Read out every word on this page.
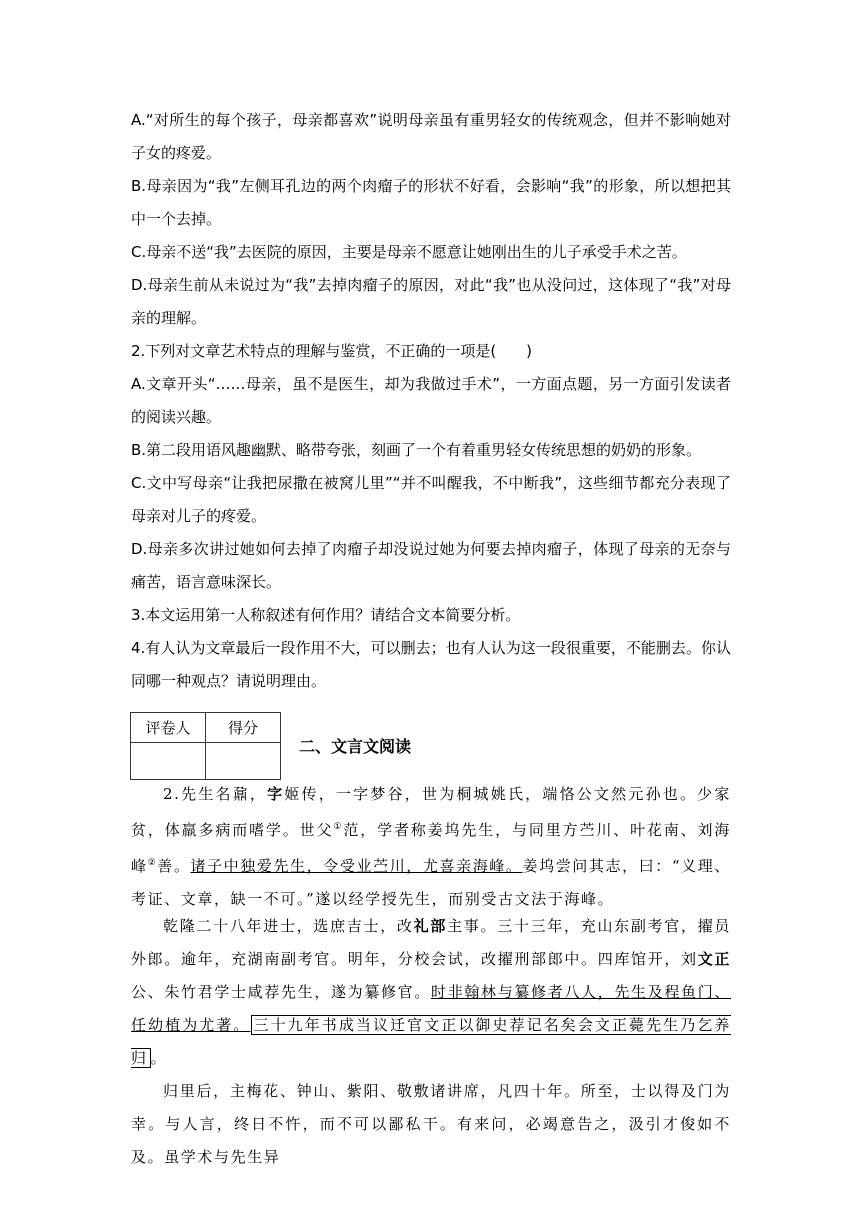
A.“对所生的每个孩子，母亲都喜欢”说明母亲虽有重男轻女的传统观念，但并不影响她对子女的疼爱。

B.母亲因为“我”左侧耳孔边的两个肉瘤子的形状不好看，会影响“我”的形象，所以想把其中一个去掉。

C.母亲不送“我”去医院的原因，主要是母亲不愿意让她刚出生的儿子承受手术之苦。

D.母亲生前从未说过为“我”去掉肉瘤子的原因，对此“我”也从没问过，这体现了“我”对母亲的理解。

2.下列对文章艺术特点的理解与鉴赏，不正确的一项是(　　)

A.文章开头“……母亲，虽不是医生，却为我做过手术”，一方面点题，另一方面引发读者的阅读兴趣。

B.第二段用语风趣幽默、略带夸张，刻画了一个有着重男轻女传统思想的奶奶的形象。

C.文中写母亲“让我把尿撒在被窝儿里”“并不叫醒我，不中断我”，这些细节都充分表现了母亲对儿子的疼爱。

D.母亲多次讲过她如何去掉了肉瘤子却没说过她为何要去掉肉瘤子，体现了母亲的无奈与痛苦，语言意味深长。

3.本文运用第一人称叙述有何作用？请结合文本简要分析。

4.有人认为文章最后一段作用不大，可以删去；也有人认为这一段很重要，不能删去。你认同哪一种观点？请说明理由。

评卷人	得分

二、文言文阅读

2.先生名鼐，字姬传，一字梦谷，世为桐城姚氏，端恪公文然元孙也。少家贫，体羸多病而嗜学。世父①范，学者称姜坞先生，与同里方苎川、叶花南、刘海峰②善。诸子中独爱先生，令受业苎川，尤喜亲海峰。姜坞尝问其志，曰：“义理、考证、文章，缺一不可。”遂以经学授先生，而别受古文法于海峰。

乾隆二十八年进士，选庶吉士，改礼部主事。三十三年，充山东副考官，擢员外郎。逾年，充湖南副考官。明年，分校会试，改擢刑部郎中。四库馆开，刘文正公、朱竹君学士咸荐先生，遂为纂修官。时非翰林与纂修者八人，先生及程鱼门、任幼植为尤著。 三十九年书成当议迁官文正以御史荐记名矣会文正薨先生乃乞养归 。

归里后，主梅花、钟山、紫阳、敬敷诸讲席，凡四十年。所至，士以得及门为幸。与人言，终日不忤，而不可以鄙私干。有来问，必竭意告之，汲引才俊如不及。虽学术与先生异
